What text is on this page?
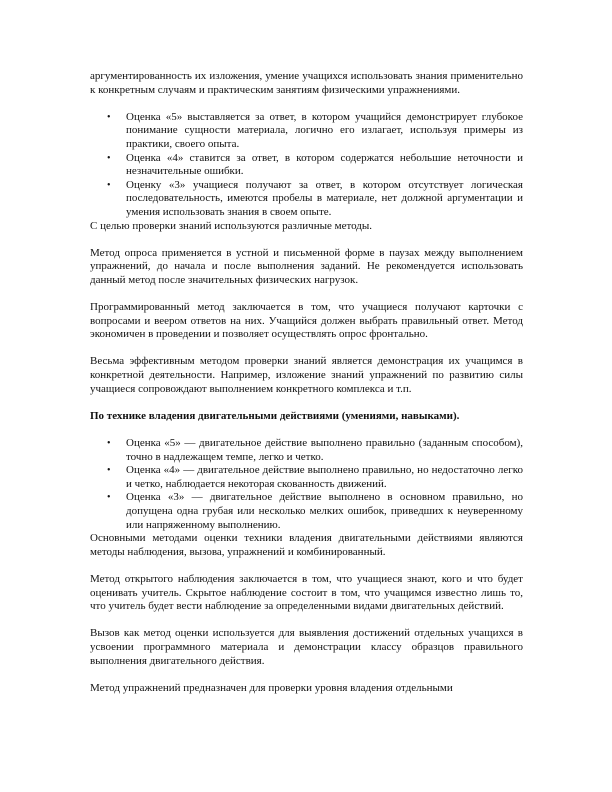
аргументированность их изложения, умение учащихся использовать знания применительно к конкретным случаям и практическим занятиям физическими упражнениями.

• Оценка «5» выставляется за ответ, в котором учащийся демонстрирует глубокое понимание сущности материала, логично его излагает, используя примеры из практики, своего опыта.
• Оценка «4» ставится за ответ, в котором содержатся небольшие неточности и незначительные ошибки.
• Оценку «3» учащиеся получают за ответ, в котором отсутствует логическая последовательность, имеются пробелы в материале, нет должной аргументации и умения использовать знания в своем опыте.

С целью проверки знаний используются различные методы.

Метод опроса применяется в устной и письменной форме в паузах между выполнением упражнений, до начала и после выполнения заданий. Не рекомендуется использовать данный метод после значительных физических нагрузок.

Программированный метод заключается в том, что учащиеся получают карточки с вопросами и веером ответов на них. Учащийся должен выбрать правильный ответ. Метод экономичен в проведении и позволяет осуществлять опрос фронтально.

Весьма эффективным методом проверки знаний является демонстрация их учащимся в конкретной деятельности. Например, изложение знаний упражнений по развитию силы учащиеся сопровождают выполнением конкретного комплекса и т.п.

По технике владения двигательными действиями (умениями, навыками).

• Оценка «5» — двигательное действие выполнено правильно (заданным способом), точно в надлежащем темпе, легко и четко.
• Оценка «4» — двигательное действие выполнено правильно, но недостаточно легко и четко, наблюдается некоторая скованность движений.
• Оценка «3» — двигательное действие выполнено в основном правильно, но допущена одна грубая или несколько мелких ошибок, приведших к неуверенному или напряженному выполнению.

Основными методами оценки техники владения двигательными действиями являются методы наблюдения, вызова, упражнений и комбинированный.

Метод открытого наблюдения заключается в том, что учащиеся знают, кого и что будет оценивать учитель. Скрытое наблюдение состоит в том, что учащимся известно лишь то, что учитель будет вести наблюдение за определенными видами двигательных действий.

Вызов как метод оценки используется для выявления достижений отдельных учащихся в усвоении программного материала и демонстрации классу образцов правильного выполнения двигательного действия.

Метод упражнений предназначен для проверки уровня владения отдельными
